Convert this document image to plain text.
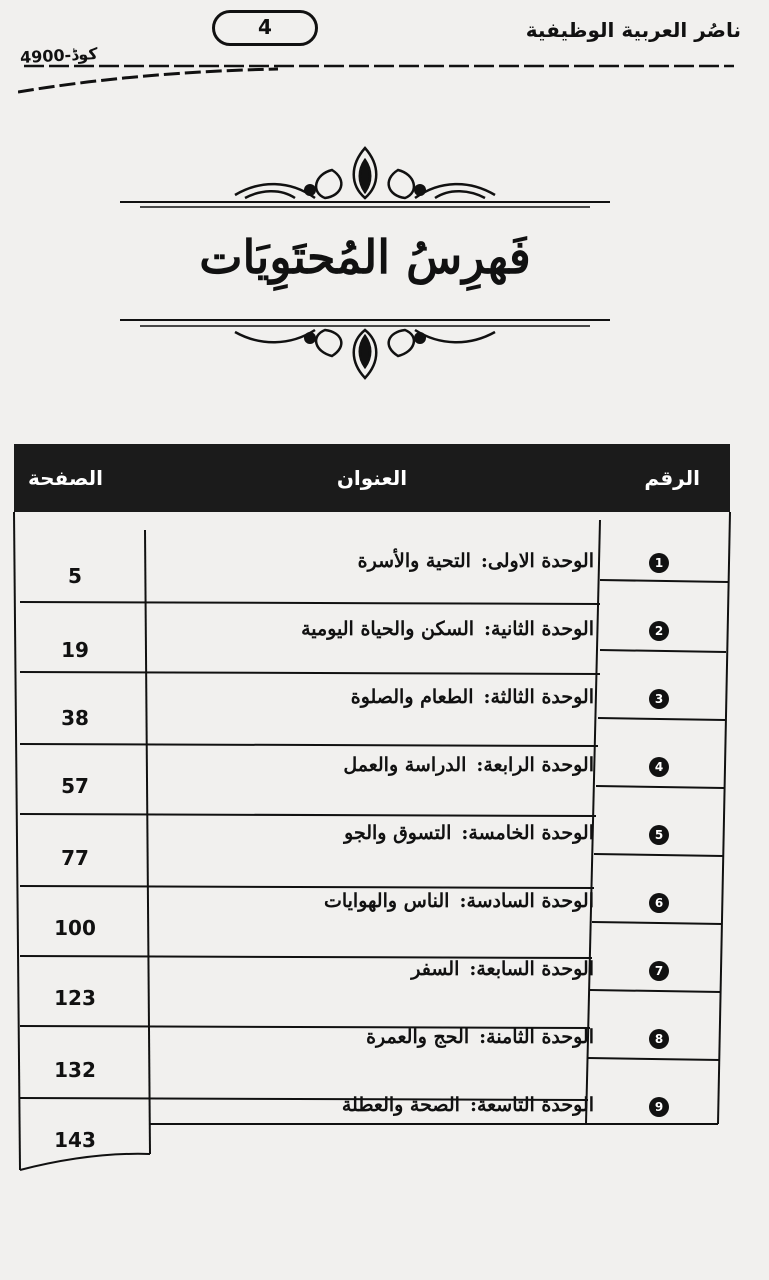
ناصُر العربية الوظيفية
4
کوڈ-4900
فَهرِسُ المُحتَوِيَات
الرقم
العنوان
الصفحة
1
الوحدة الاولى:التحية والأسرة
5
2
الوحدة الثانية:السكن والحياة اليومية
19
3
الوحدة الثالثة:الطعام والصلوة
38
4
الوحدة الرابعة:الدراسة والعمل
57
5
الوحدة الخامسة:التسوق والجو
77
6
الوحدة السادسة:الناس والهوايات
100
7
الوحدة السابعة:السفر
123
8
الوحدة الثامنة:الحج والعمرة
132
9
الوحدة التاسعة:الصحة والعطلة
143
